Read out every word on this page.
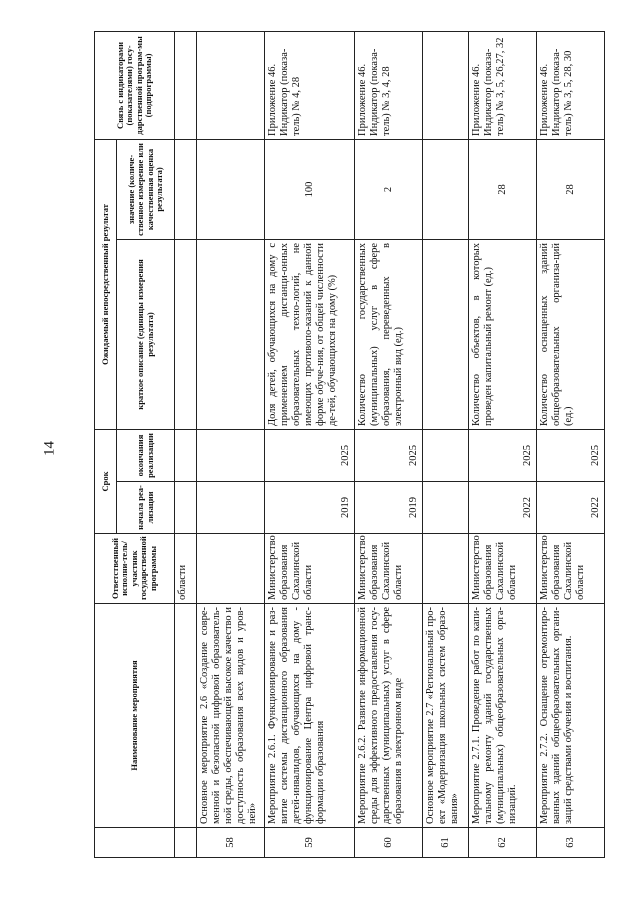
14
	Наименование мероприятия	Ответственный исполни-тель/участник государственной программы	Срок		Ожидаемый непосредственный результат		Связь с индикаторами (показателями) госу-дарственной програм-мы (подпрограммы)
			начала реа-лизации	окончания реализации	краткое описание (единицы измерения результата)	значение (количе-ственное измерение или качественная оценка результата)	
		области					
58	Основное мероприятие 2.6 «Создание совре-менной и безопасной цифровой образователь-ной среды, обеспечивающей высокое качество и доступность образования всех видов и уров-ней»						
59	Мероприятие 2.6.1. Функционирование и раз-витие системы дистанционного образования детей-инвалидов, обучающихся на дому - функционирование Центра цифровой транс-формации образования	Министерство образования Сахалинской области	2019	2025	Доля детей, обучающихся на дому с применением дистанци-онных образовательных техно-логий, не имеющих противопо-казаний к данной форме обуче-ния, от общей численности де-тей, обучающихся на дому (%)	100	Приложение 46. Индикатор (показа-тель) № 4, 28
60	Мероприятие 2.6.2. Развитие информационной среды для эффективного предоставления госу-дарственных (муниципальных) услуг в сфере образования в электронном виде	Министерство образования Сахалинской области	2019	2025	Количество государственных (муниципальных) услуг в сфере образования, переведенных в электронный вид (ед.)	2	Приложение 46. Индикатор (показа-тель) № 3, 4, 28
61	Основное мероприятие 2.7 «Региональный про-ект «Модернизация школьных систем образо-вания»						
62	Мероприятие 2.7.1. Проведение работ по капи-тальному ремонту зданий государственных (муниципальных) общеобразовательных орга-низаций.	Министерство образования Сахалинской области	2022	2025	Количество объектов, в которых проведен капитальный ремонт (ед.)	28	Приложение 46. Индикатор (показа-тель) № 3, 5, 26,27, 32
63	Мероприятие 2.7.2. Оснащение отремонтиро-ванных зданий общеобразовательных органи-заций средствами обучения и воспитания.	Министерство образования Сахалинской области	2022	2025	Количество оснащенных зданий общеобразовательных организа-ций (ед.)	28	Приложение 46. Индикатор (показа-тель) № 3, 5, 28, 30
